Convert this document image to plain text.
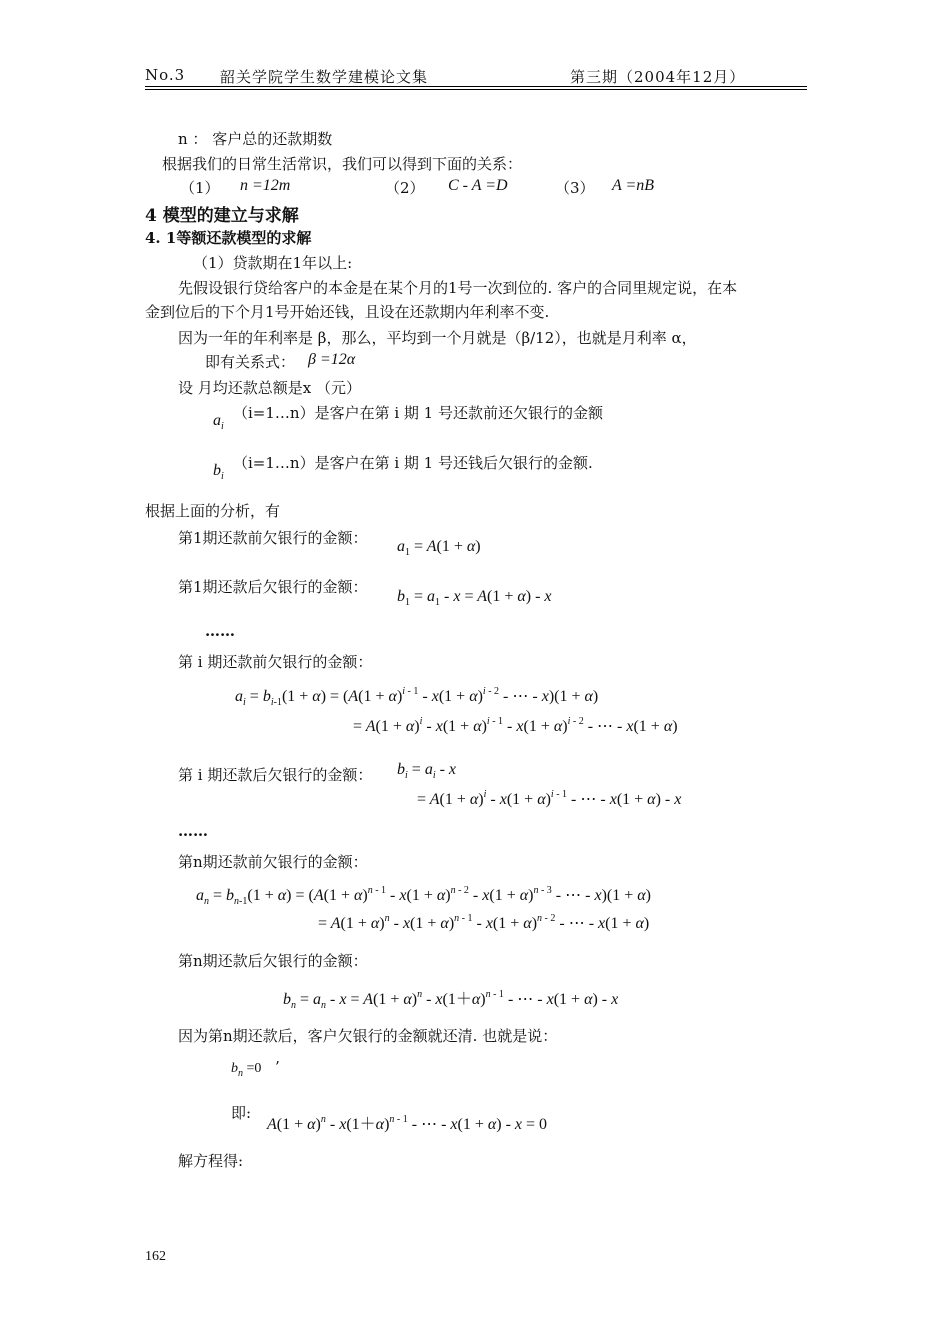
No.3 韶关学院学生数学建模论文集	第三期（2004年12月）
n ： 客户总的还款期数
根据我们的日常生活常识，我们可以得到下面的关系：
（1） n =12m	（2） C - A =D	（3） A =nB
4 模型的建立与求解
4. 1等额还款模型的求解
（1）贷款期在1年以上:
先假设银行贷给客户的本金是在某个月的1号一次到位的. 客户的合同里规定说，在本
金到位后的下个月1号开始还钱，且设在还款期内年利率不变.
因为一年的年利率是 β，那么，平均到一个月就是（β/12），也就是月利率 α，
即有关系式： β =12α
设 月均还款总额是x （元）
$a_i$
（i=1…n）是客户在第 i 期 1 号还款前还欠银行的金额
$b_i$
（i=1…n）是客户在第 i 期 1 号还钱后欠银行的金额.
根据上面的分析，有
第1期还款前欠银行的金额： $a_1 = A(1 + \alpha)$
第1期还款后欠银行的金额：
$b_1 = a_1 - x = A(1 + \alpha) - x$
……
第 i 期还款前欠银行的金额：
$a_i = b_{i-1}(1 + \alpha) = (A(1 + \alpha)^{i - 1} - x(1 + \alpha)^{i - 2}$ - ⋯ - x)(1 + α)
= $A(1 + \alpha)^i - x(1 + \alpha)^{i - 1} - x(1 + \alpha)^{i - 2}$ - ⋯ - x(1 + α)
第 i 期还款后欠银行的金额： $b_i = a_i - x$
= $A(1 + \alpha)^i - x(1 + \alpha)^{i - 1}$ - ⋯ - x(1 + α) - x
……
第n期还款前欠银行的金额：
$a_n = b_{n-1}(1 + \alpha) = (A(1 + \alpha)^{n - 1} - x(1 + \alpha)^{n - 2} - x(1 + \alpha)^{n - 3}$ - ⋯ - x)(1 + α)
= $A(1 + \alpha)^n - x(1 + \alpha)^{n - 1} - x(1 + \alpha)^{n - 2}$ - ⋯ - x(1 + α)
第n期还款后欠银行的金额：
$b_n = a_n - x = A(1 + \alpha)^n - x(1+\alpha)^{n - 1}$ - ⋯ - x(1 + α) - x
因为第n期还款后，客户欠银行的金额就还清. 也就是说：
$b_n =0$ ’
即:
$A(1 + \alpha)^n - x(1+\alpha)^{n - 1}$ - ⋯ - x(1 + α) - x = 0
解方程得:
162
